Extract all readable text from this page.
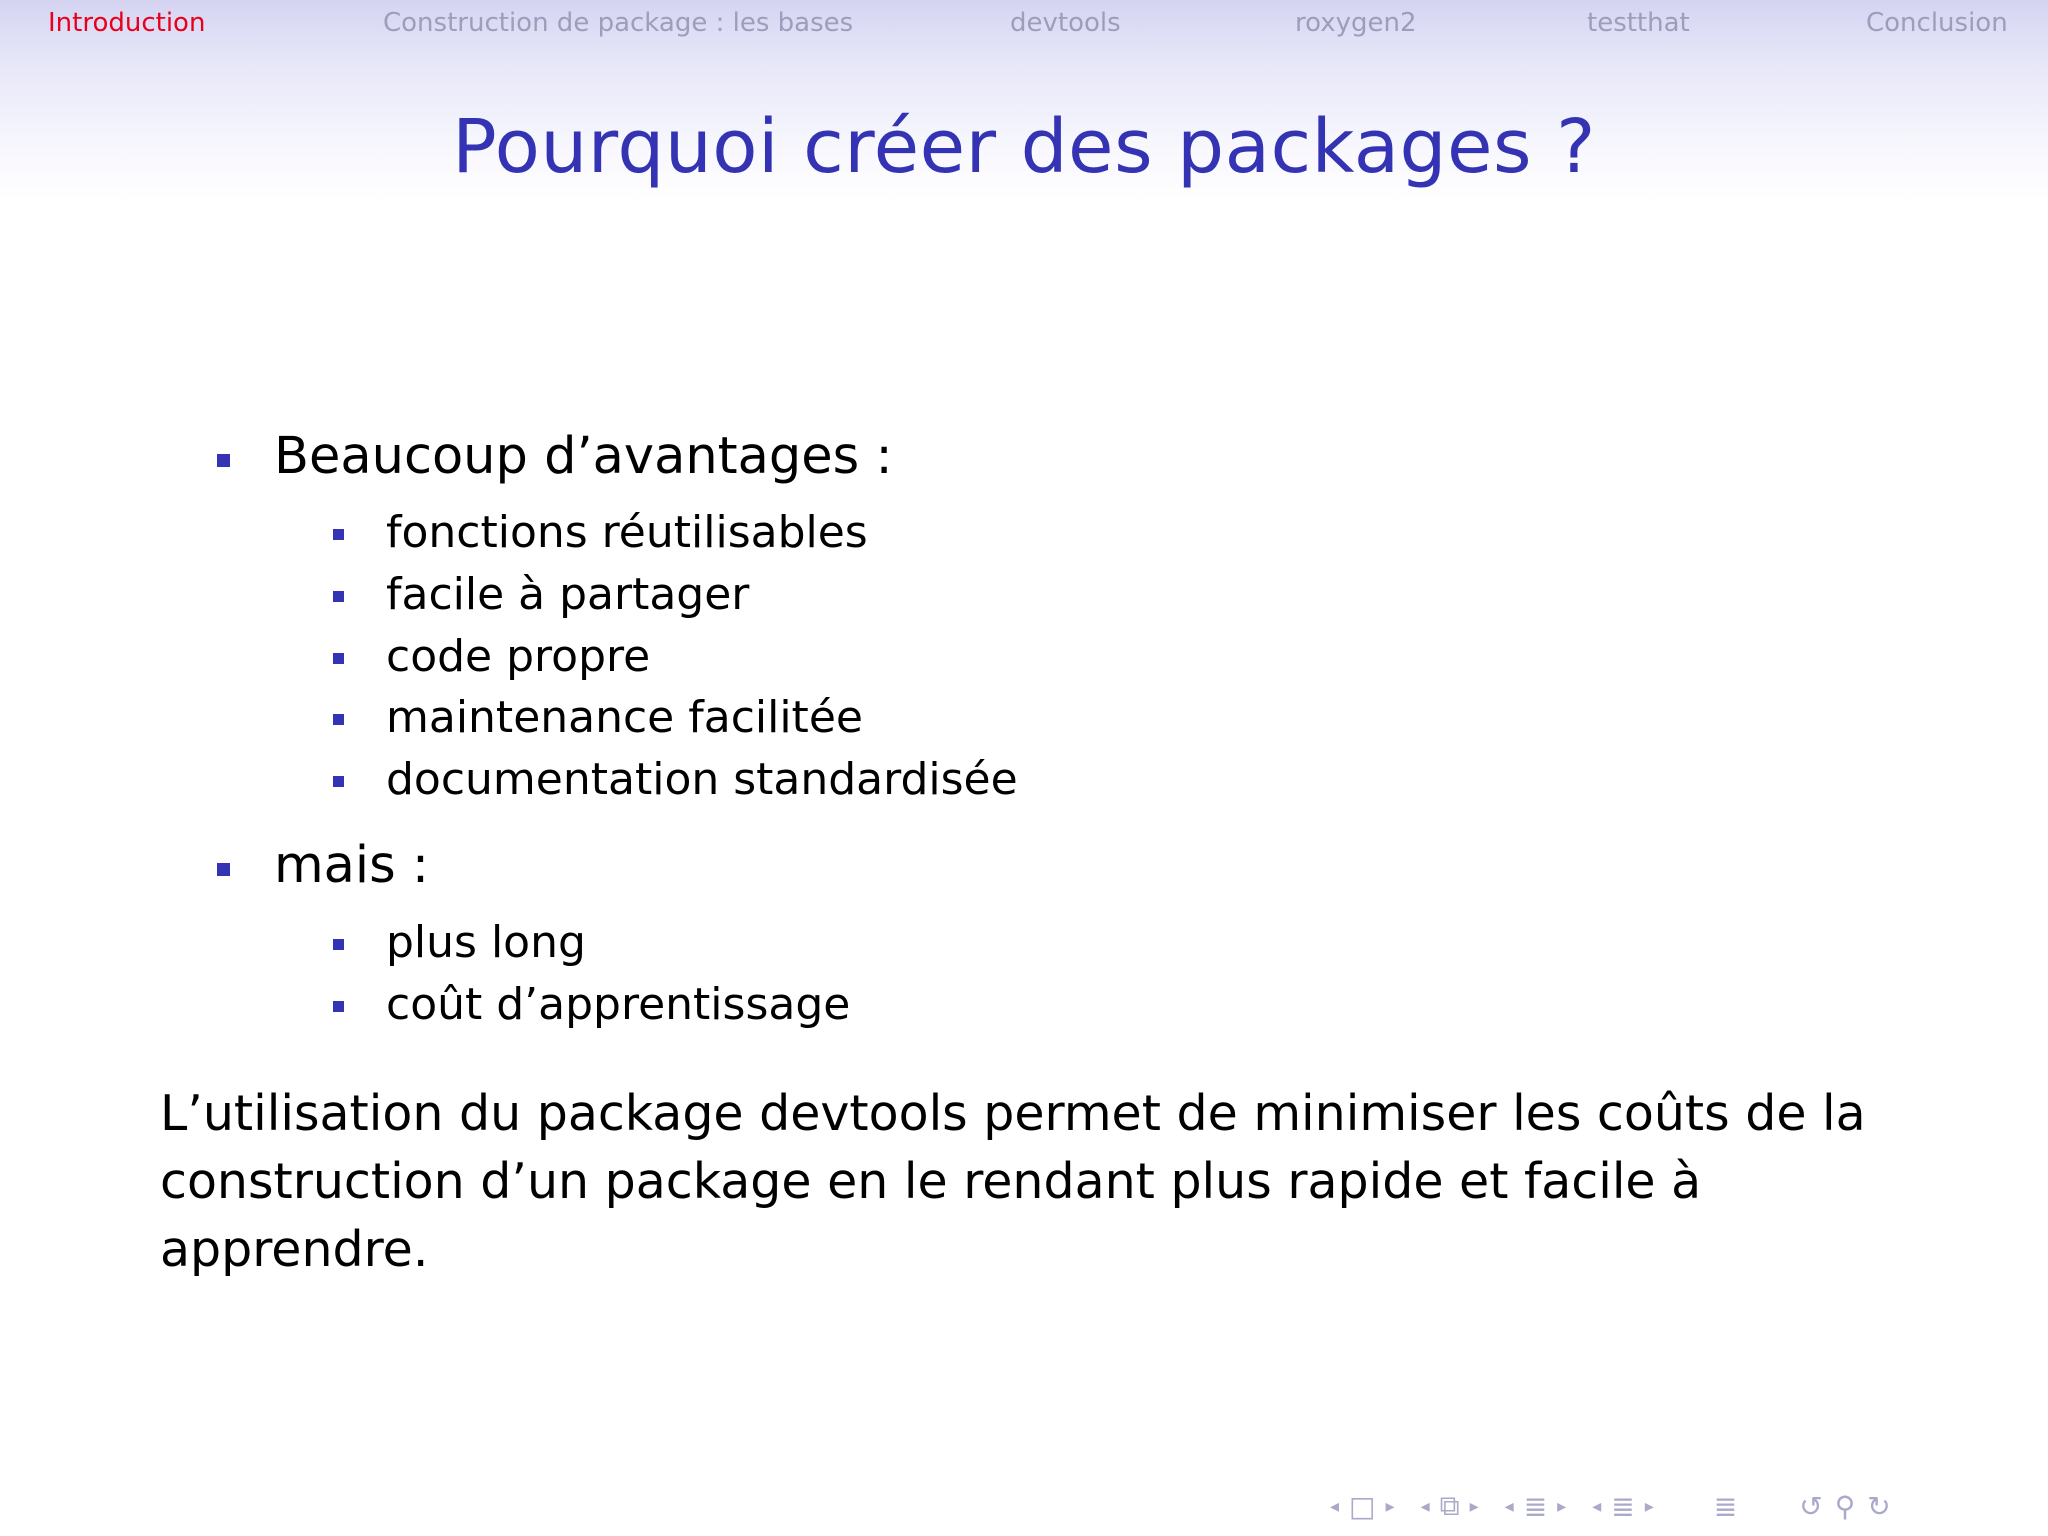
Introduction	Construction de package : les bases	devtools	roxygen2	testthat	Conclusion
Pourquoi créer des packages ?
Beaucoup d’avantages :
fonctions réutilisables
facile à partager
code propre
maintenance facilitée
documentation standardisée
mais :
plus long
coût d’apprentissage
L’utilisation du package devtools permet de minimiser les coûts de la
construction d’un package en le rendant plus rapide et facile à apprendre.
◂ □ ▸ ◂ ⧉ ▸ ◂ ≣ ▸ ◂ ≣ ▸ ≣ ↺ ⚲ ↻
